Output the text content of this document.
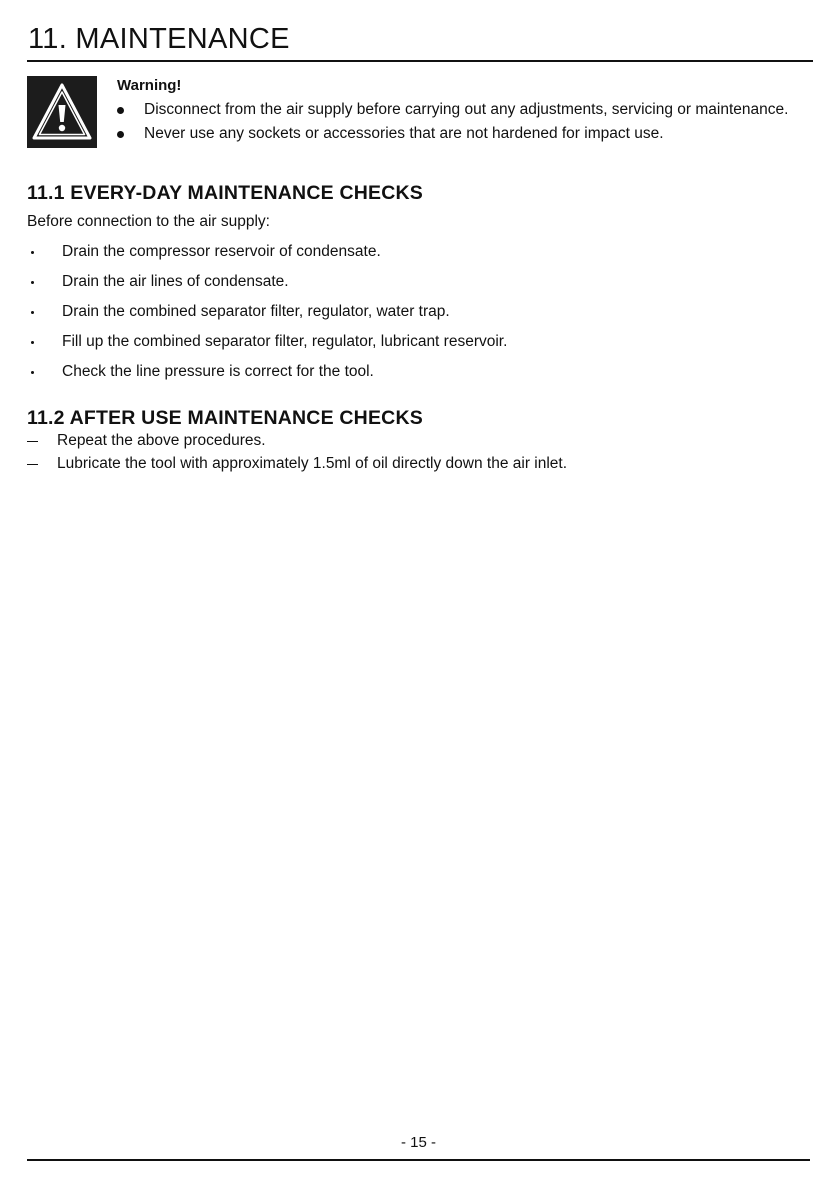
11. MAINTENANCE
Warning!
Disconnect from the air supply before carrying out any adjustments, servicing or maintenance.
Never use any sockets or accessories that are not hardened for impact use.
11.1 EVERY-DAY MAINTENANCE CHECKS
Before connection to the air supply:
Drain the compressor reservoir of condensate.
Drain the air lines of condensate.
Drain the combined separator filter, regulator, water trap.
Fill up the combined separator filter, regulator, lubricant reservoir.
Check the line pressure is correct for the tool.
11.2 AFTER USE MAINTENANCE CHECKS
Repeat the above procedures.
Lubricate the tool with approximately 1.5ml of oil directly down the air inlet.
- 15 -
